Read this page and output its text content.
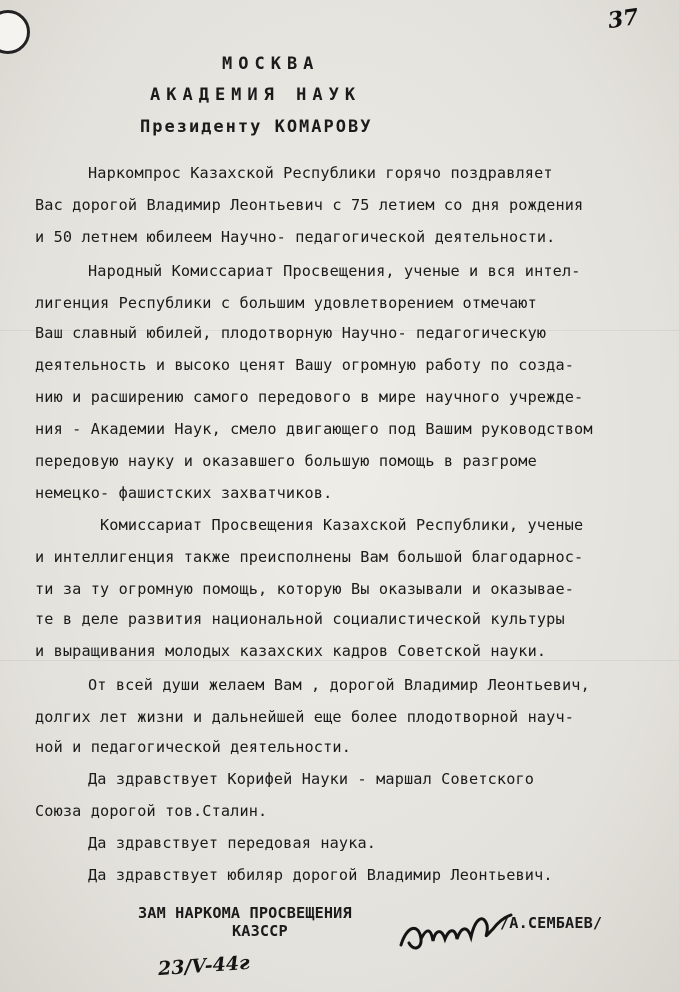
37
МОСКВА
АКАДЕМИЯ НАУК
Президенту КОМАРОВУ
Наркомпрос Казахской Республики горячо поздравляет
Вас дорогой Владимир Леонтьевич с 75 летием со дня рождения
и 50 летнем юбилеем Научно- педагогической деятельности.
Народный Комиссариат Просвещения, ученые и вся интел-
лигенция Республики с большим удовлетворением отмечают
Ваш славный юбилей, плодотворную Научно- педагогическую
деятельность и высоко ценят Вашу огромную работу по созда-
нию и расширению самого передового в мире научного учрежде-
ния - Академии Наук, смело двигающего под Вашим руководством
передовую науку и оказавшего большую помощь в разгроме
немецко- фашистских захватчиков.
Комиссариат Просвещения Казахской Республики, ученые
и интеллигенция также преисполнены Вам большой благодарнос-
ти за ту огромную помощь, которую Вы оказывали и оказывае-
те в деле развития национальной социалистической культуры
и выращивания молодых казахских кадров Советской науки.
От всей души желаем Вам , дорогой Владимир Леонтьевич,
долгих лет жизни и дальнейшей еще более плодотворной науч-
ной и педагогической деятельности.
Да здравствует Корифей Науки - маршал Советского
Союза дорогой тов.Сталин.
Да здравствует передовая наука.
Да здравствует юбиляр дорогой Владимир Леонтьевич.
ЗАМ НАРКОМА ПРОСВЕЩЕНИЯ
КАЗССР	/А.СЕМБАЕВ/
23/V-44г
